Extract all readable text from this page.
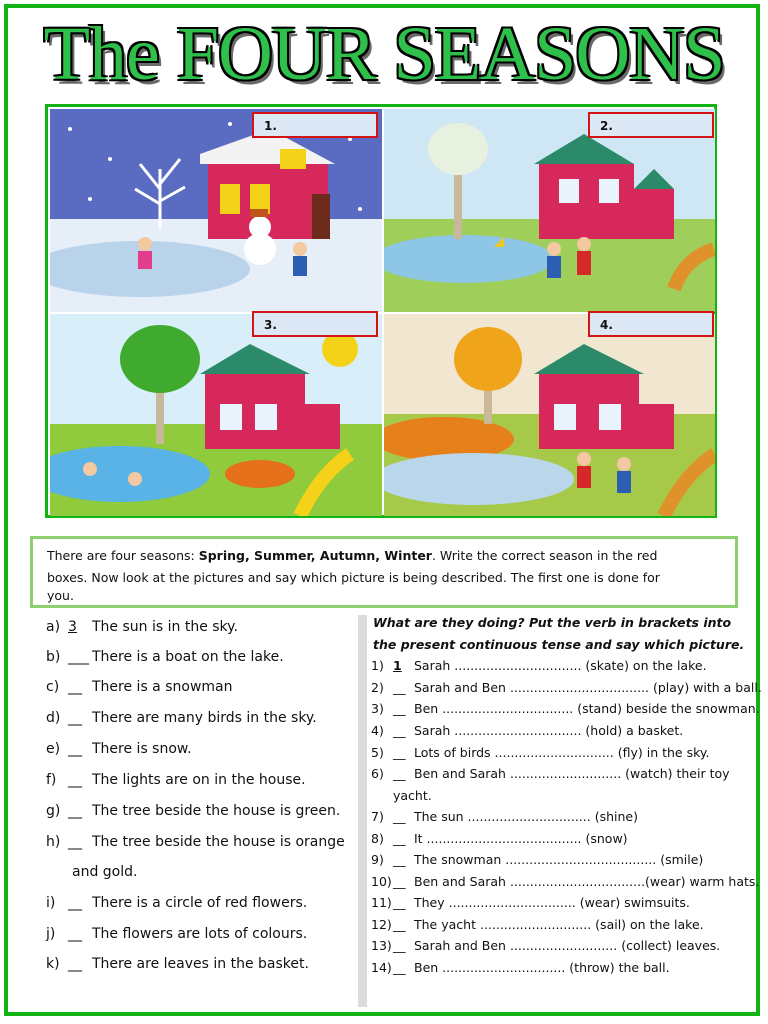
The FOUR SEASONS
1.	2.
3.	4.
There are four seasons: Spring, Summer, Autumn, Winter. Write the correct season in the red
boxes. Now look at the pictures and say which picture is being described. The first one is done for
you.
a) 3 The sun is in the sky.
b) ___ There is a boat on the lake.
c) __ There is a snowman
d) __ There are many birds in the sky.
e) __ There is snow.
f) __ The lights are on in the house.
g) __ The tree beside the house is green.
h) __ The tree beside the house is orange
and gold.
i) __ There is a circle of red flowers.
j) __ The flowers are lots of colours.
k) __ There are leaves in the basket.
What are they doing? Put the verb in brackets into
the present continuous tense and say which picture.
1) 1 Sarah ................................ (skate) on the lake.
2) __ Sarah and Ben ................................... (play) with a ball.
3) __ Ben ................................. (stand) beside the snowman.
4) __ Sarah ................................ (hold) a basket.
5) __ Lots of birds .............................. (fly) in the sky.
6) __ Ben and Sarah ............................ (watch) their toy
yacht.
7) __ The sun ............................... (shine)
8) __ It ....................................... (snow)
9) __ The snowman ...................................... (smile)
10)__ Ben and Sarah ..................................(wear) warm hats.
11)__ They ................................ (wear) swimsuits.
12)__ The yacht ............................ (sail) on the lake.
13)__ Sarah and Ben ........................... (collect) leaves.
14)__ Ben ............................... (throw) the ball.
